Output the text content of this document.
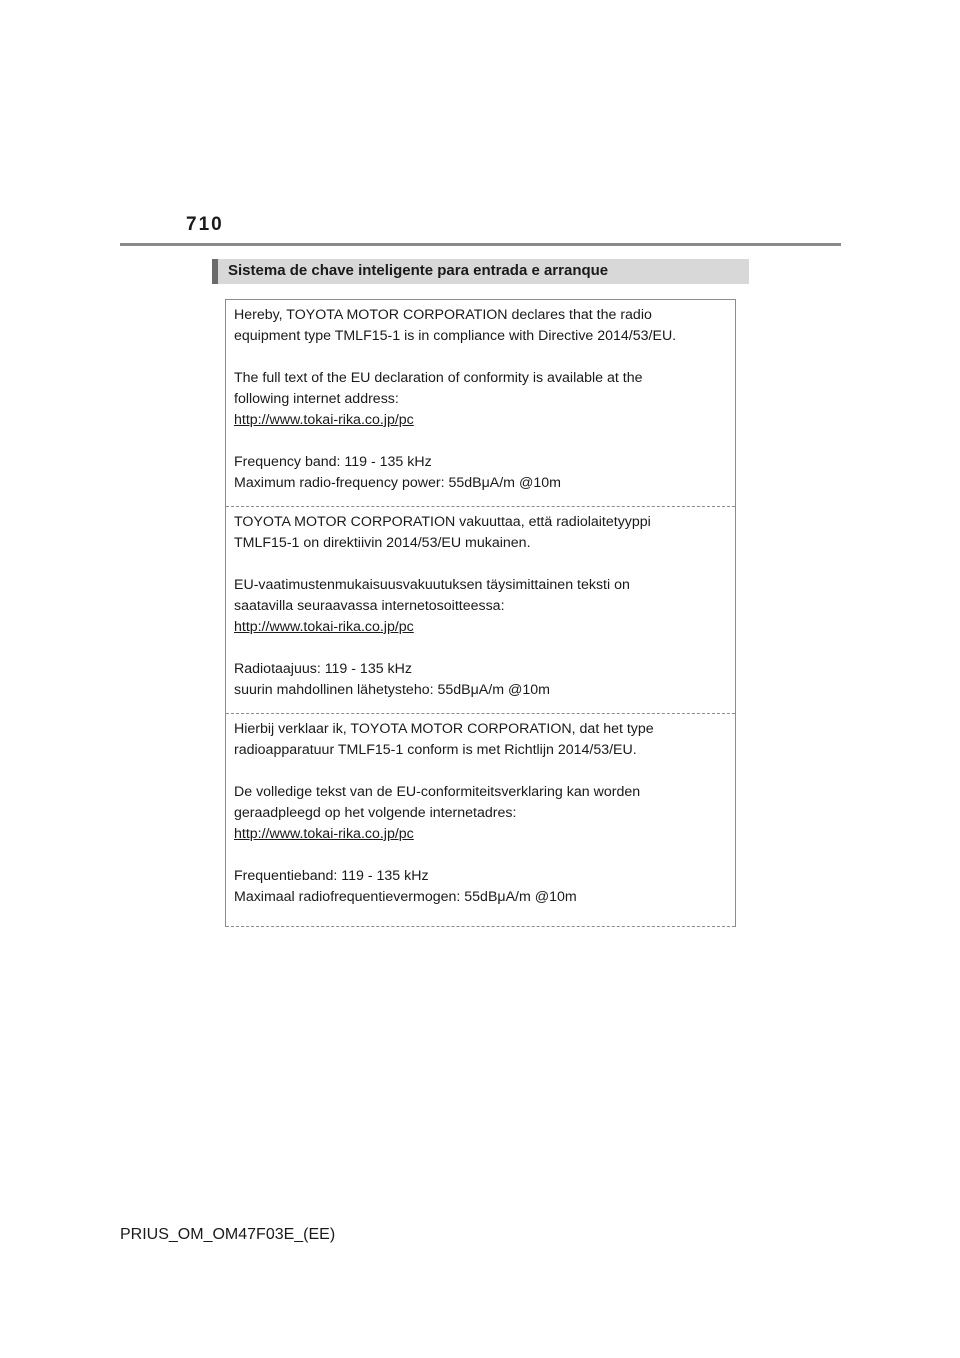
710
Sistema de chave inteligente para entrada e arranque

Hereby, TOYOTA MOTOR CORPORATION declares that the radio

equipment type TMLF15-1 is in compliance with Directive 2014/53/EU.

The full text of the EU declaration of conformity is available at the

following internet address:

http://www.tokai-rika.co.jp/pc

Frequency band: 119 - 135 kHz

Maximum radio-frequency power: 55dBμA/m @10m

TOYOTA MOTOR CORPORATION vakuuttaa, että radiolaitetyyppi

TMLF15-1 on direktiivin 2014/53/EU mukainen.

EU-vaatimustenmukaisuusvakuutuksen täysimittainen teksti on

saatavilla seuraavassa internetosoitteessa:

http://www.tokai-rika.co.jp/pc

Radiotaajuus: 119 - 135 kHz

suurin mahdollinen lähetysteho: 55dBμA/m @10m

Hierbij verklaar ik, TOYOTA MOTOR CORPORATION, dat het type

radioapparatuur TMLF15-1 conform is met Richtlijn 2014/53/EU.

De volledige tekst van de EU-conformiteitsverklaring kan worden

geraadpleegd op het volgende internetadres:

http://www.tokai-rika.co.jp/pc

Frequentieband: 119 - 135 kHz

Maximaal radiofrequentievermogen: 55dBμA/m @10m

PRIUS_OM_OM47F03E_(EE)
